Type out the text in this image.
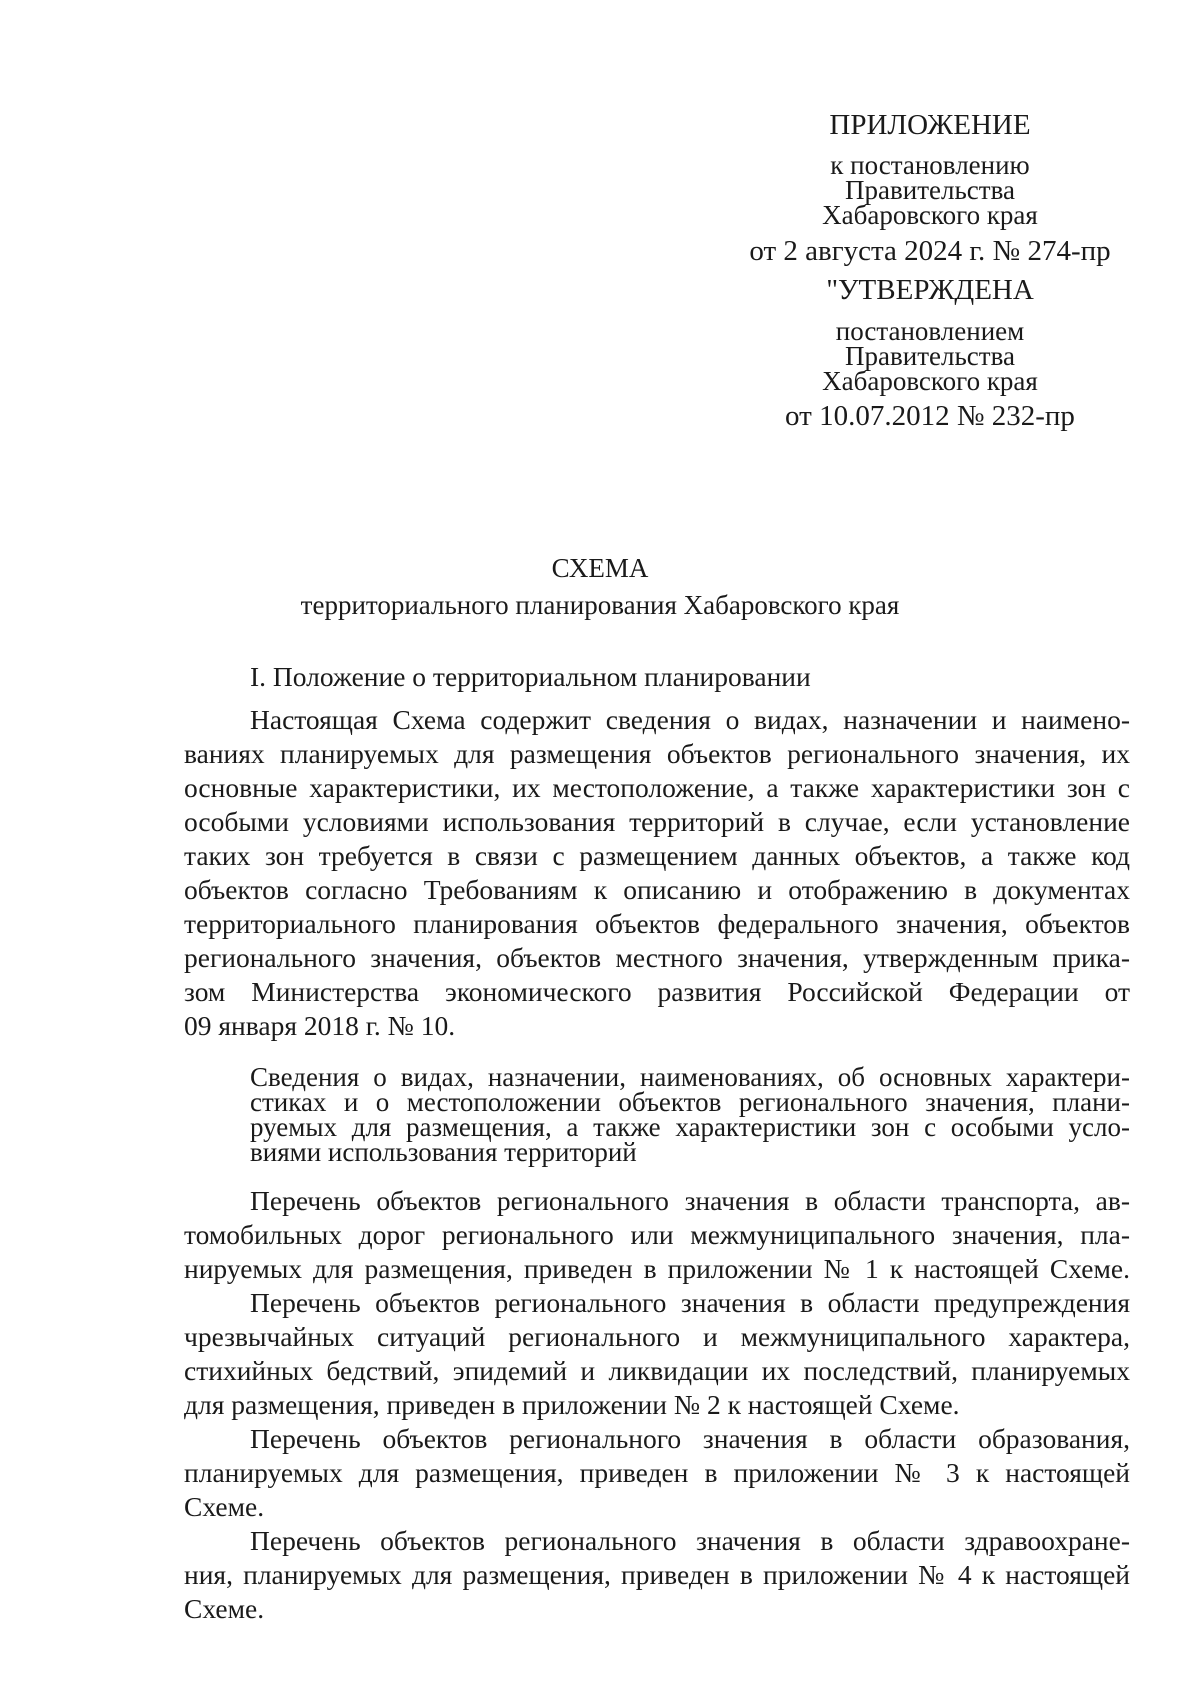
ПРИЛОЖЕНИЕ
к постановлению
Правительства
Хабаровского края
от 2 августа 2024 г. № 274-пр
"УТВЕРЖДЕНА
постановлением
Правительства
Хабаровского края
от 10.07.2012 № 232-пр
СХЕМА
территориального планирования Хабаровского края
I. Положение о территориальном планировании
Настоящая Схема содержит сведения о видах, назначении и наимено-
ваниях планируемых для размещения объектов регионального значения, их
основные характеристики, их местоположение, а также характеристики зон с
особыми условиями использования территорий в случае, если установление
таких зон требуется в связи с размещением данных объектов, а также код
объектов согласно Требованиям к описанию и отображению в документах
территориального планирования объектов федерального значения, объектов
регионального значения, объектов местного значения, утвержденным прика-
зом Министерства экономического развития Российской Федерации от
09 января 2018 г. № 10.
Сведения о видах, назначении, наименованиях, об основных характери-
стиках и о местоположении объектов регионального значения, плани-
руемых для размещения, а также характеристики зон с особыми усло-
виями использования территорий
Перечень объектов регионального значения в области транспорта, ав-
томобильных дорог регионального или межмуниципального значения, пла-
нируемых для размещения, приведен в приложении № 1 к настоящей Схеме.
Перечень объектов регионального значения в области предупреждения
чрезвычайных ситуаций регионального и межмуниципального характера,
стихийных бедствий, эпидемий и ликвидации их последствий, планируемых
для размещения, приведен в приложении № 2 к настоящей Схеме.
Перечень объектов регионального значения в области образования,
планируемых для размещения, приведен в приложении № 3 к настоящей
Схеме.
Перечень объектов регионального значения в области здравоохране-
ния, планируемых для размещения, приведен в приложении № 4 к настоящей
Схеме.
